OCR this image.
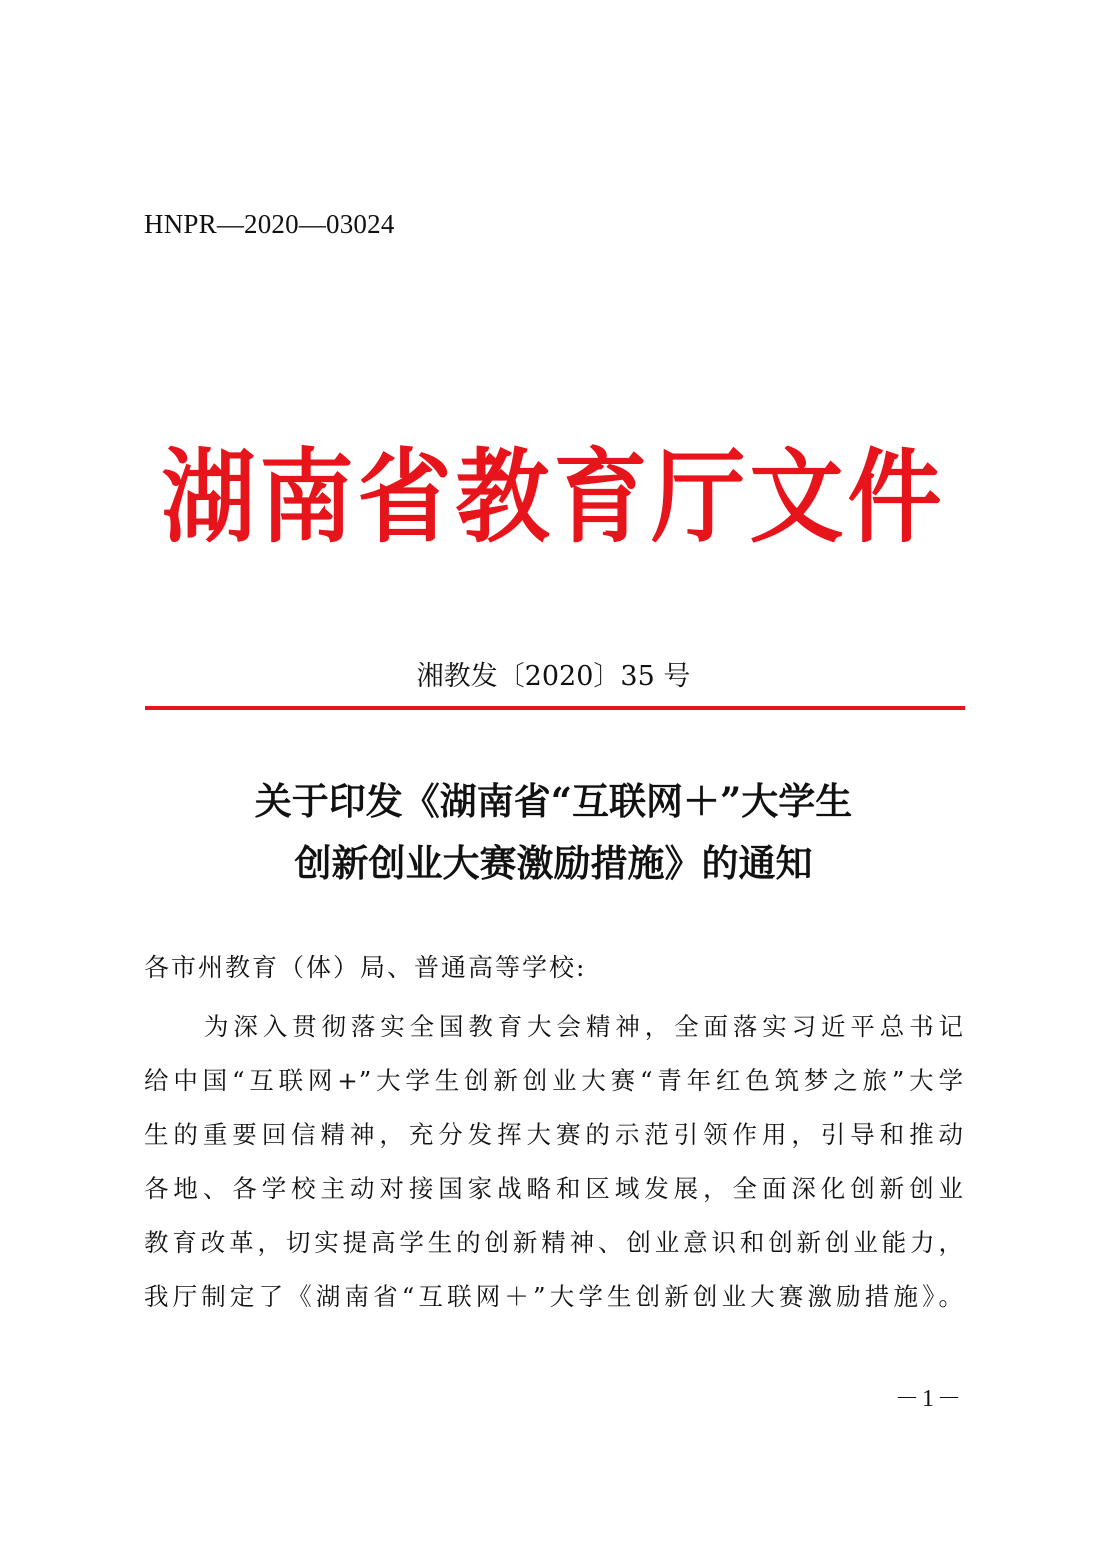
HNPR—2020—03024
湖南省教育厅文件
湘教发〔2020〕35 号
关于印发《湖南省“互联网＋”大学生
创新创业大赛激励措施》的通知
各市州教育（体）局、普通高等学校:
为深入贯彻落实全国教育大会精神，全面落实习近平总书记
给中国“互联网+”大学生创新创业大赛“青年红色筑梦之旅”大学
生的重要回信精神，充分发挥大赛的示范引领作用，引导和推动
各地、各学校主动对接国家战略和区域发展，全面深化创新创业
教育改革，切实提高学生的创新精神、创业意识和创新创业能力，
我厅制定了《湖南省“互联网＋”大学生创新创业大赛激励措施》。
－1－
